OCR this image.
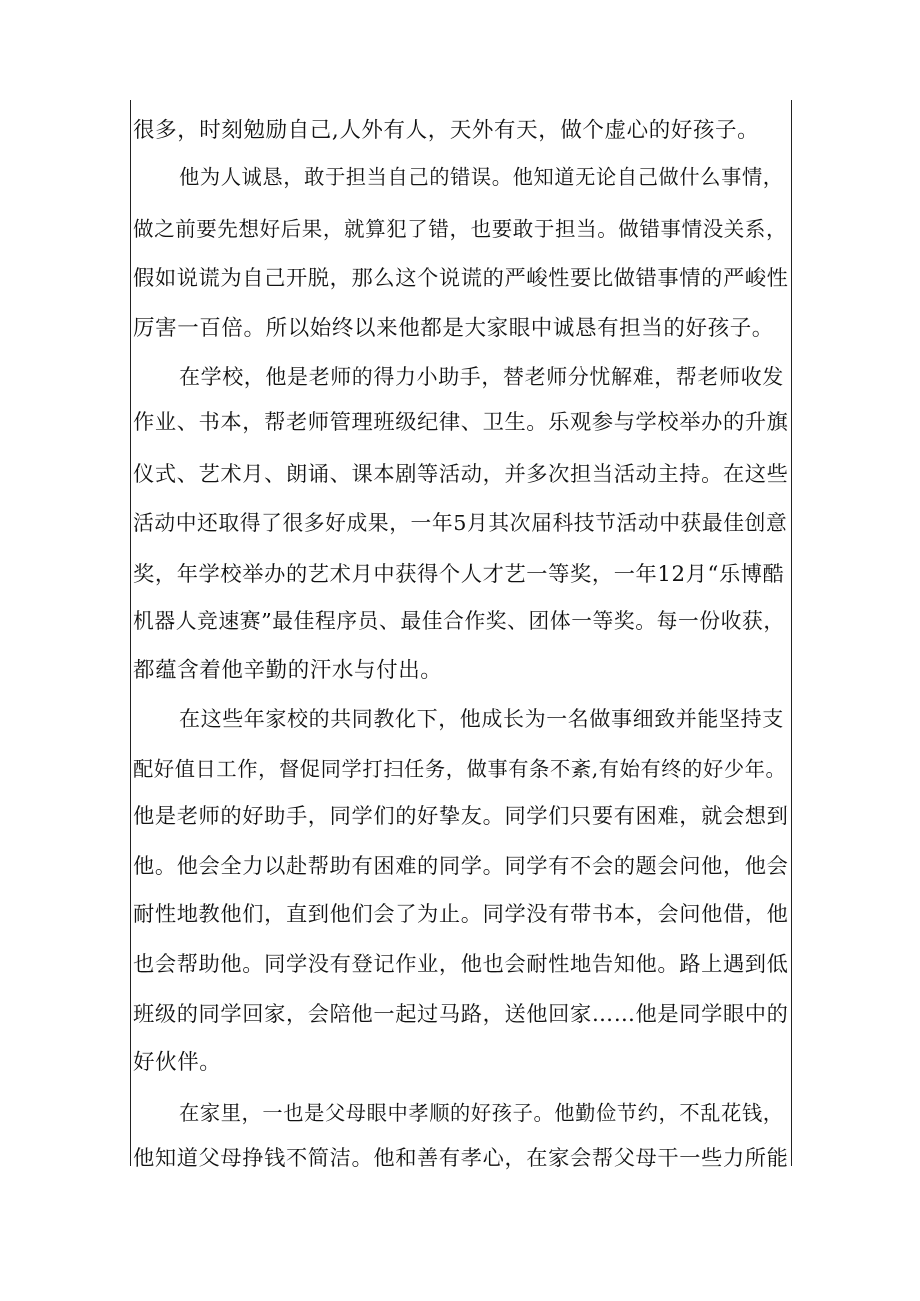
很多，时刻勉励自己,人外有人，天外有天，做个虚心的好孩子。
他为人诚恳，敢于担当自己的错误。他知道无论自己做什么事情，
做之前要先想好后果，就算犯了错，也要敢于担当。做错事情没关系，
假如说谎为自己开脱，那么这个说谎的严峻性要比做错事情的严峻性
厉害一百倍。所以始终以来他都是大家眼中诚恳有担当的好孩子。
在学校，他是老师的得力小助手，替老师分忧解难，帮老师收发
作业、书本，帮老师管理班级纪律、卫生。乐观参与学校举办的升旗
仪式、艺术月、朗诵、课本剧等活动，并多次担当活动主持。在这些
活动中还取得了很多好成果，一年5月其次届科技节活动中获最佳创意
奖，年学校举办的艺术月中获得个人才艺一等奖，一年12月“乐博酷
机器人竞速赛”最佳程序员、最佳合作奖、团体一等奖。每一份收获，
都蕴含着他辛勤的汗水与付出。
在这些年家校的共同教化下，他成长为一名做事细致并能坚持支
配好值日工作，督促同学打扫任务，做事有条不紊,有始有终的好少年。
他是老师的好助手，同学们的好挚友。同学们只要有困难，就会想到
他。他会全力以赴帮助有困难的同学。同学有不会的题会问他，他会
耐性地教他们，直到他们会了为止。同学没有带书本，会问他借，他
也会帮助他。同学没有登记作业，他也会耐性地告知他。路上遇到低
班级的同学回家，会陪他一起过马路，送他回家……他是同学眼中的
好伙伴。
在家里，一也是父母眼中孝顺的好孩子。他勤俭节约，不乱花钱，
他知道父母挣钱不简洁。他和善有孝心，在家会帮父母干一些力所能
